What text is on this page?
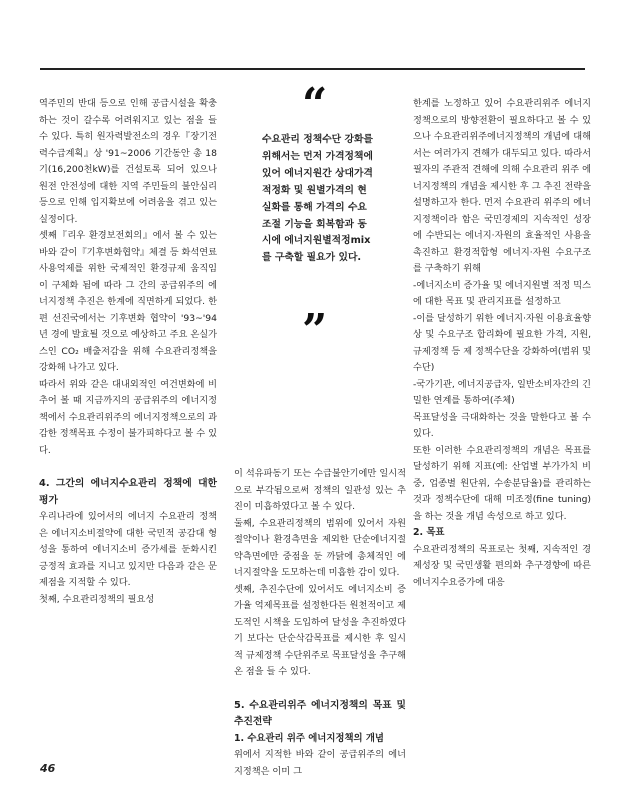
역주민의 반대 등으로 인해 공급시설을 확충하는 것이 갈수록 어려워지고 있는 점을 들 수 있다. 특히 원자력발전소의 경우『장기전력수급계획』상 '91~2006 기간동안 총 18기(16,200천kW)를 건설토록 되어 있으나 원전 안전성에 대한 지역 주민들의 불안심리등으로 인해 입지확보에 어려움을 겪고 있는 실정이다.

셋째『리우 환경보전회의』에서 볼 수 있는 바와 같이『기후변화협약』체결 등 화석연료 사용억제를 위한 국제적인 환경규제 움직임이 구체화 됨에 따라 그 간의 공급위주의 에너지정책 추진은 한계에 직면하게 되었다. 한편 선진국에서는 기후변화 협약이 '93~'94년 경에 발효될 것으로 예상하고 주요 온실가스인 CO₂ 배출저감을 위해 수요관리정책을 강화해 나가고 있다.

따라서 위와 같은 대내외적인 여건변화에 비추어 볼 때 지금까지의 공급위주의 에너지정책에서 수요관리위주의 에너지정책으로의 과감한 정책목표 수정이 불가피하다고 볼 수 있다.

4. 그간의 에너지수요관리 정책에 대한 평가

우리나라에 있어서의 에너지 수요관리 정책은 에너지소비절약에 대한 국민적 공감대 형성을 통하여 에너지소비 증가세를 둔화시킨 긍정적 효과를 지니고 있지만 다음과 같은 문제점을 지적할 수 있다.

첫째, 수요관리정책의 필요성

“
수요관리 정책수단 강화를 위해서는 먼저 가격정책에 있어 에너지원간 상대가격 적정화 및 원별가격의 현실화를 통해 가격의 수요조절 기능을 회복함과 동시에 에너지원별적정mix를 구축할 필요가 있다.
”

이 석유파동기 또는 수급불안기에만 일시적으로 부각됨으로써 정책의 일관성 있는 추진이 미흡하였다고 볼 수 있다.

둘째, 수요관리정책의 범위에 있어서 자원절약이나 환경측면을 제외한 단순에너지절약측면에만 중점을 둔 까닭에 총체적인 에너지절약을 도모하는데 미흡한 감이 있다.

셋째, 추진수단에 있어서도 에너지소비 증가율 억제목표를 설정한다든 원천적이고 제도적인 시책을 도입하여 달성을 추진하였다기 보다는 단순삭감목표를 제시한 후 일시적 규제정책 수단위주로 목표달성을 추구해온 점을 들 수 있다.

5. 수요관리위주 에너지정책의 목표 및 추진전략
1. 수요관리 위주 에너지정책의 개념

위에서 지적한 바와 같이 공급위주의 에너지정책은 이미 그

한계를 노정하고 있어 수요관리위주 에너지정책으로의 방향전환이 필요하다고 볼 수 있으나 수요관리위주에너지정책의 개념에 대해서는 여러가지 견해가 대두되고 있다. 따라서 필자의 주관적 견해에 의해 수요관리 위주 에너지정책의 개념을 제시한 후 그 추진 전략을 설명하고자 한다. 먼저 수요관리 위주의 에너지정책이라 함은 국민경제의 지속적인 성장에 수반되는 에너지·자원의 효율적인 사용을 촉진하고 환경적합형 에너지·자원 수요구조를 구축하기 위해

-에너지소비 증가율 및 에너지원별 적정 믹스에 대한 목표 및 관리지표를 설정하고

-이를 달성하기 위한 에너지·자원 이용효율향상 및 수요구조 합리화에 필요한 가격, 지원, 규제정책 등 제 정책수단을 강화하여(범위 및 수단)

-국가기관, 에너지공급자, 일반소비자간의 긴밀한 연계를 통하여(주체)

목표달성을 극대화하는 것을 말한다고 볼 수 있다.

또한 이러한 수요관리정책의 개념은 목표를 달성하기 위해 지표(예: 산업별 부가가치 비중, 업종별 원단위, 수송분담율)를 관리하는 것과 정책수단에 대해 미조정(fine tuning)을 하는 것을 개념 속성으로 하고 있다.

2. 목표

수요관리정책의 목표로는 첫째, 지속적인 경제성장 및 국민생활 편의화 추구경향에 따른 에너지수요증가에 대응

46
